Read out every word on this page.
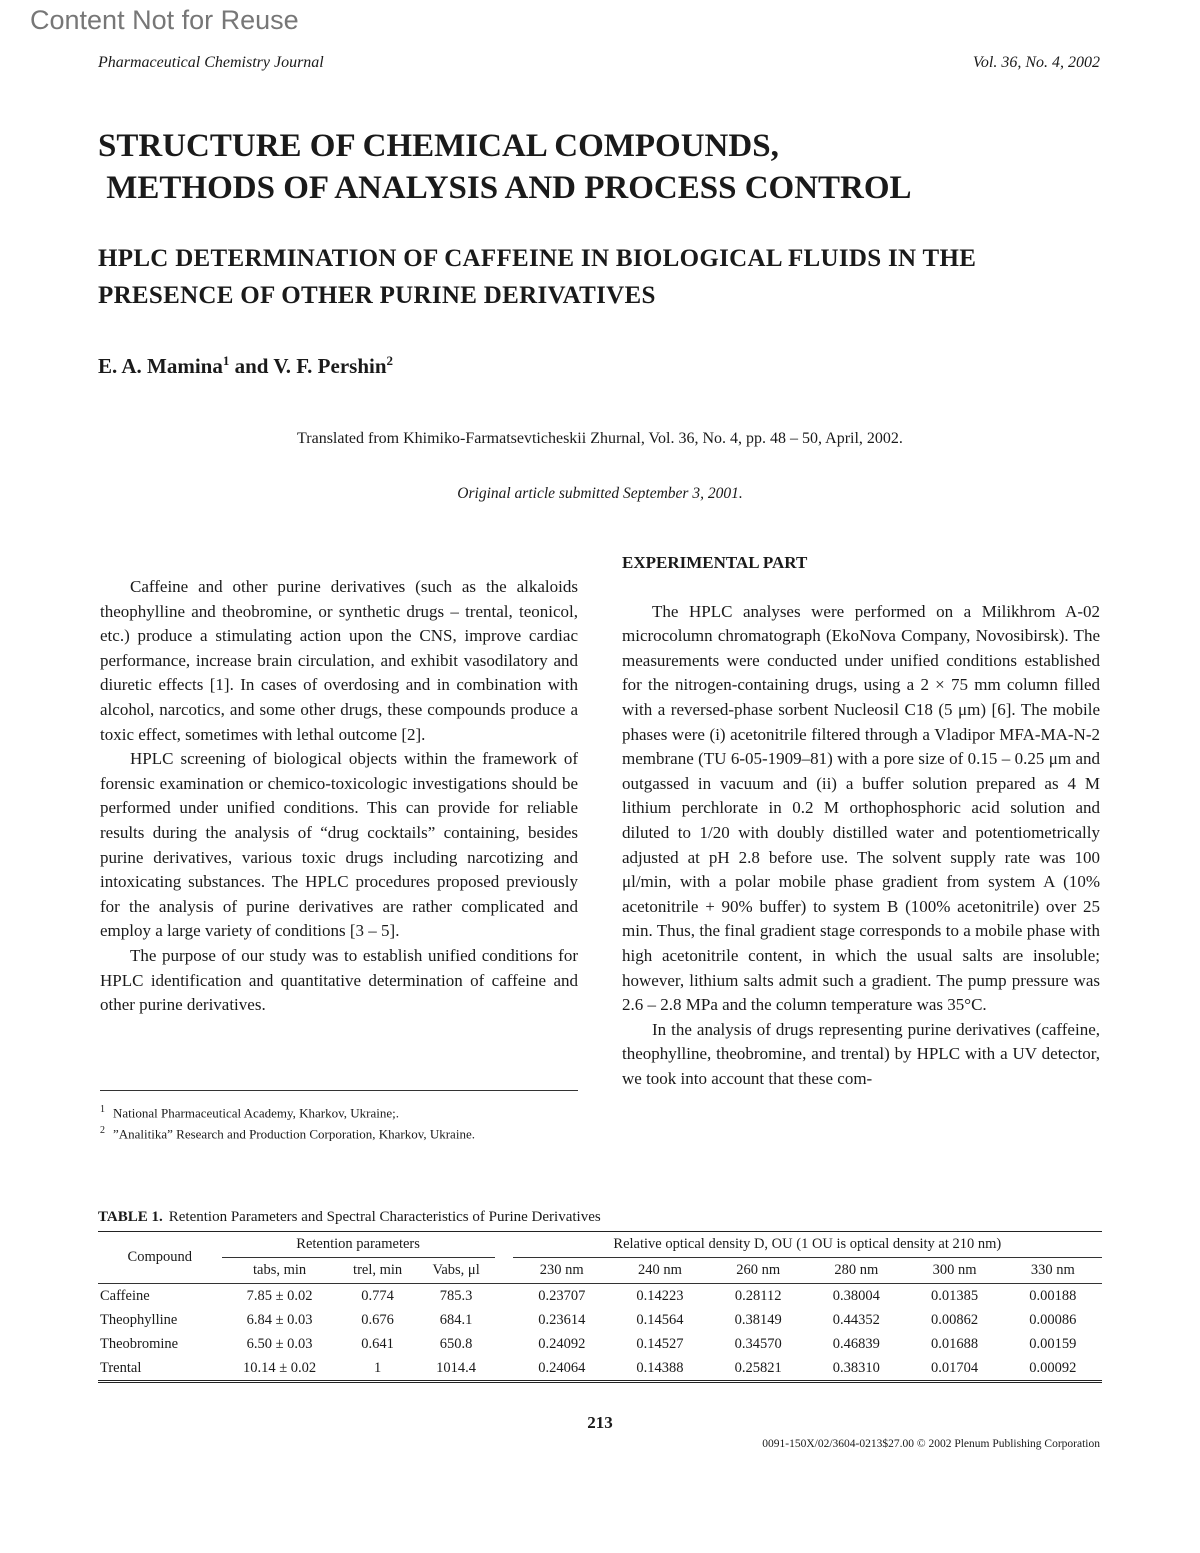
Content Not for Reuse
Pharmaceutical Chemistry Journal	Vol. 36, No. 4, 2002
STRUCTURE OF CHEMICAL COMPOUNDS,
METHODS OF ANALYSIS AND PROCESS CONTROL
HPLC DETERMINATION OF CAFFEINE IN BIOLOGICAL FLUIDS IN THE PRESENCE OF OTHER PURINE DERIVATIVES
E. A. Mamina$^1$ and V. F. Pershin$^2$
Translated from Khimiko-Farmatsevticheskii Zhurnal, Vol. 36, No. 4, pp. 48 – 50, April, 2002.
Original article submitted September 3, 2001.

Caffeine and other purine derivatives (such as the alkaloids theophylline and theobromine, or synthetic drugs – trental, teonicol, etc.) produce a stimulating action upon the CNS, improve cardiac performance, increase brain circulation, and exhibit vasodilatory and diuretic effects [1]. In cases of overdosing and in combination with alcohol, narcotics, and some other drugs, these compounds produce a toxic effect, sometimes with lethal outcome [2].

HPLC screening of biological objects within the framework of forensic examination or chemico-toxicologic investigations should be performed under unified conditions. This can provide for reliable results during the analysis of “drug cocktails” containing, besides purine derivatives, various toxic drugs including narcotizing and intoxicating substances. The HPLC procedures proposed previously for the analysis of purine derivatives are rather complicated and employ a large variety of conditions [3 – 5].

The purpose of our study was to establish unified conditions for HPLC identification and quantitative determination of caffeine and other purine derivatives.

$^1$ National Pharmaceutical Academy, Kharkov, Ukraine;.
$^2$ ”Analitika” Research and Production Corporation, Kharkov, Ukraine.
EXPERIMENTAL PART

The HPLC analyses were performed on a Milikhrom A-02 microcolumn chromatograph (EkoNova Company, Novosibirsk). The measurements were conducted under unified conditions established for the nitrogen-containing drugs, using a 2 × 75 mm column filled with a reversed-phase sorbent Nucleosil C18 (5 μm) [6]. The mobile phases were (i) acetonitrile filtered through a Vladipor MFA-MA-N-2 membrane (TU 6-05-1909–81) with a pore size of 0.15 – 0.25 μm and outgassed in vacuum and (ii) a buffer solution prepared as 4 M lithium perchlorate in 0.2 M orthophosphoric acid solution and diluted to 1/20 with doubly distilled water and potentiometrically adjusted at pH 2.8 before use. The solvent supply rate was 100 μl/min, with a polar mobile phase gradient from system A (10% acetonitrile + 90% buffer) to system B (100% acetonitrile) over 25 min. Thus, the final gradient stage corresponds to a mobile phase with high acetonitrile content, in which the usual salts are insoluble; however, lithium salts admit such a gradient. The pump pressure was 2.6 – 2.8 MPa and the column temperature was 35°C.

In the analysis of drugs representing purine derivatives (caffeine, theophylline, theobromine, and trental) by HPLC with a UV detector, we took into account that these com-

TABLE 1. Retention Parameters and Spectral Characteristics of Purine Derivatives
Compound	Retention parameters				Relative optical density D, OU (1 OU is optical density at 210 nm)					
	tabs, min	trel, min	Vabs, μl		230 nm	240 nm	260 nm	280 nm	300 nm	330 nm
Caffeine	7.85 ± 0.02	0.774	785.3		0.23707	0.14223	0.28112	0.38004	0.01385	0.00188
Theophylline	6.84 ± 0.03	0.676	684.1		0.23614	0.14564	0.38149	0.44352	0.00862	0.00086
Theobromine	6.50 ± 0.03	0.641	650.8		0.24092	0.14527	0.34570	0.46839	0.01688	0.00159
Trental	10.14 ± 0.02	1	1014.4		0.24064	0.14388	0.25821	0.38310	0.01704	0.00092
213
0091-150X/02/3604-0213$27.00 © 2002 Plenum Publishing Corporation
